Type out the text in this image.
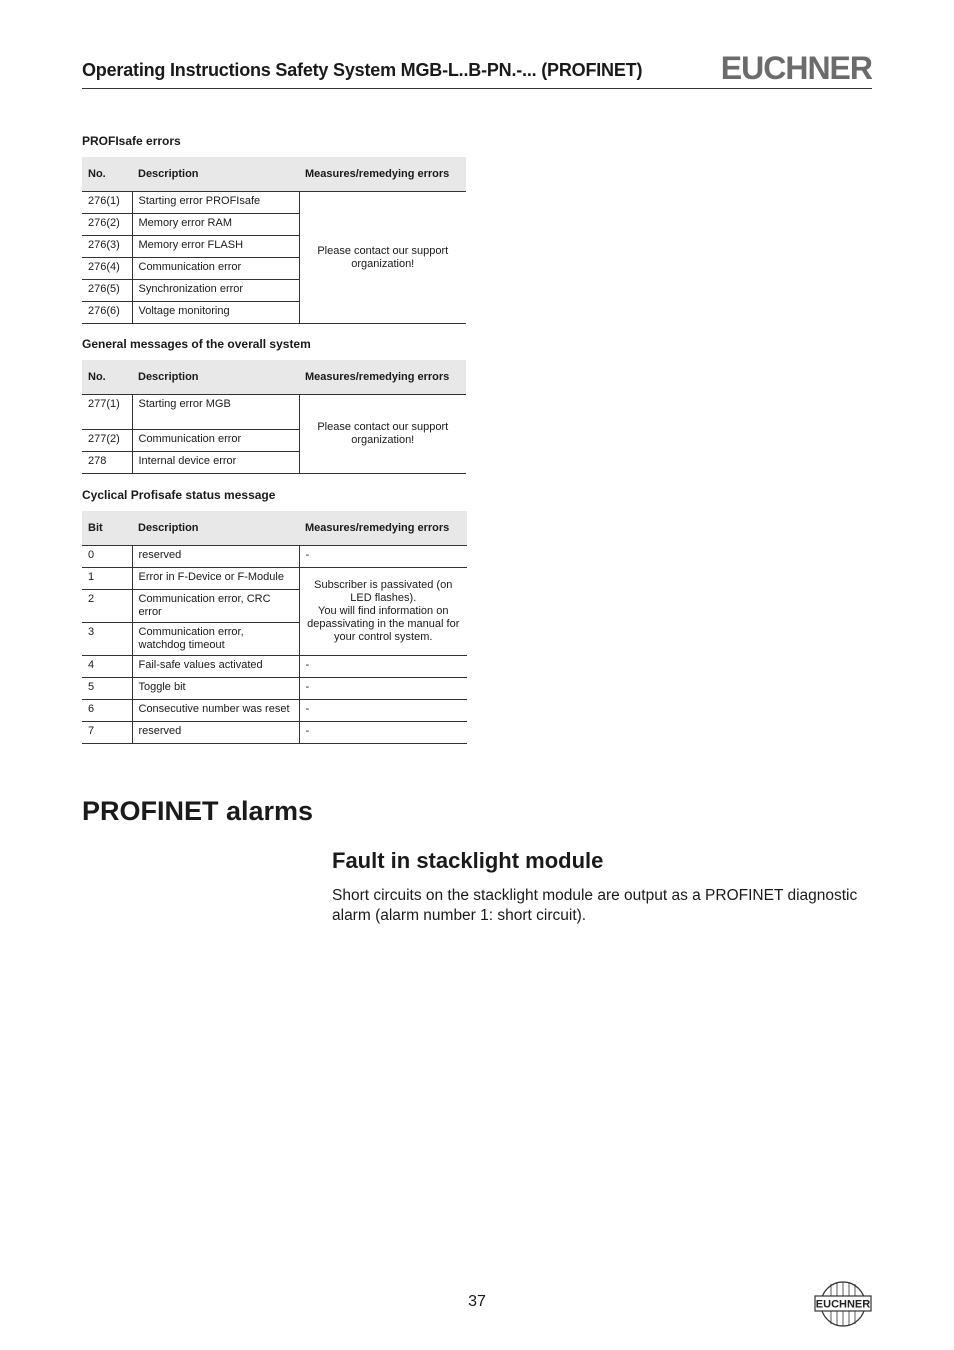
Operating Instructions Safety System MGB-L..B-PN.-... (PROFINET) EUCHNER
PROFIsafe errors
No.	Description	Measures/remedying errors
276(1)	Starting error PROFIsafe	Please contact our support organization!
276(2)	Memory error RAM	
276(3)	Memory error FLASH	
276(4)	Communication error	
276(5)	Synchronization error	
276(6)	Voltage monitoring	
General messages of the overall system
No.	Description	Measures/remedying errors
277(1)	Starting error MGB	Please contact our support organization!
277(2)	Communication error	
278	Internal device error	
Cyclical Profisafe status message
Bit	Description	Measures/remedying errors
0	reserved	-
1	Error in F-Device or F-Module	Subscriber is passivated (on LED flashes).
You will find information on depassivating in the manual for your control system.

2	Communication error, CRC error	
3	Communication error, watchdog timeout	
4	Fail-safe values activated	-
5	Toggle bit	-
6	Consecutive number was reset	-
7	reserved	-
PROFINET alarms
Fault in stacklight module
Short circuits on the stacklight module are output as a PROFINET diagnostic alarm (alarm number 1: short circuit).
37	EUCHNER
